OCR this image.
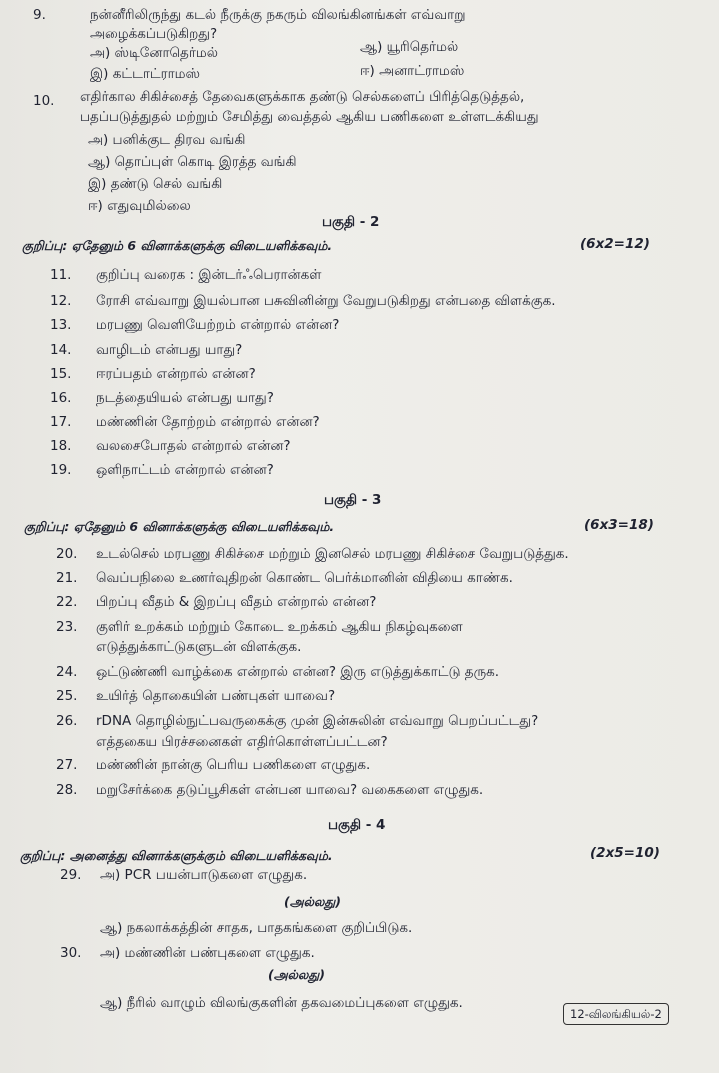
9.	நன்னீரிலிருந்து கடல் நீருக்கு நகரும் விலங்கினங்கள் எவ்வாறு
அழைக்கப்படுகிறது?
அ) ஸ்டினோதெர்மல்	ஆ) யூரிதெர்மல்
இ) கட்டாட்ராமஸ்	ஈ) அனாட்ராமஸ்
10. எதிர்கால சிகிச்சைத் தேவைகளுக்காக தண்டு செல்களைப் பிரித்தெடுத்தல்,
பதப்படுத்துதல் மற்றும் சேமித்து வைத்தல் ஆகிய பணிகளை உள்ளடக்கியது
அ) பனிக்குட திரவ வங்கி
ஆ) தொப்புள் கொடி இரத்த வங்கி
இ) தண்டு செல் வங்கி
ஈ) எதுவுமில்லை
பகுதி - 2
குறிப்பு: ஏதேனும் 6 வினாக்களுக்கு விடையளிக்கவும்.	(6x2=12)
11. குறிப்பு வரைக : இன்டர்ஃபெரான்கள்
12. ரோசி எவ்வாறு இயல்பான பசுவினின்று வேறுபடுகிறது என்பதை விளக்குக.
13. மரபணு வெளியேற்றம் என்றால் என்ன?
14. வாழிடம் என்பது யாது?
15. ஈரப்பதம் என்றால் என்ன?
16. நடத்தையியல் என்பது யாது?
17. மண்ணின் தோற்றம் என்றால் என்ன?
18. வலசைபோதல் என்றால் என்ன?
19. ஒளிநாட்டம் என்றால் என்ன?
பகுதி - 3
குறிப்பு: ஏதேனும் 6 வினாக்களுக்கு விடையளிக்கவும்.	(6x3=18)
20. உடல்செல் மரபணு சிகிச்சை மற்றும் இனசெல் மரபணு சிகிச்சை வேறுபடுத்துக.
21. வெப்பநிலை உணர்வுதிறன் கொண்ட பெர்க்மானின் விதியை காண்க.
22. பிறப்பு வீதம் & இறப்பு வீதம் என்றால் என்ன?
23. குளிர் உறக்கம் மற்றும் கோடை உறக்கம் ஆகிய நிகழ்வுகளை
எடுத்துக்காட்டுகளுடன் விளக்குக.
24. ஒட்டுண்ணி வாழ்க்கை என்றால் என்ன? இரு எடுத்துக்காட்டு தருக.
25. உயிர்த் தொகையின் பண்புகள் யாவை?
26. rDNA தொழில்நுட்பவருகைக்கு முன் இன்சுலின் எவ்வாறு பெறப்பட்டது?
எத்தகைய பிரச்சனைகள் எதிர்கொள்ளப்பட்டன?
27. மண்ணின் நான்கு பெரிய பணிகளை எழுதுக.
28. மறுசேர்க்கை தடுப்பூசிகள் என்பன யாவை? வகைகளை எழுதுக.
பகுதி - 4
குறிப்பு: அனைத்து வினாக்களுக்கும் விடையளிக்கவும்.	(2x5=10)
29. அ) PCR பயன்பாடுகளை எழுதுக.
(அல்லது)
ஆ) நகலாக்கத்தின் சாதக, பாதகங்களை குறிப்பிடுக.
30. அ) மண்ணின் பண்புகளை எழுதுக.
(அல்லது)
ஆ) நீரில் வாழும் விலங்குகளின் தகவமைப்புகளை எழுதுக.
12-விலங்கியல்-2
